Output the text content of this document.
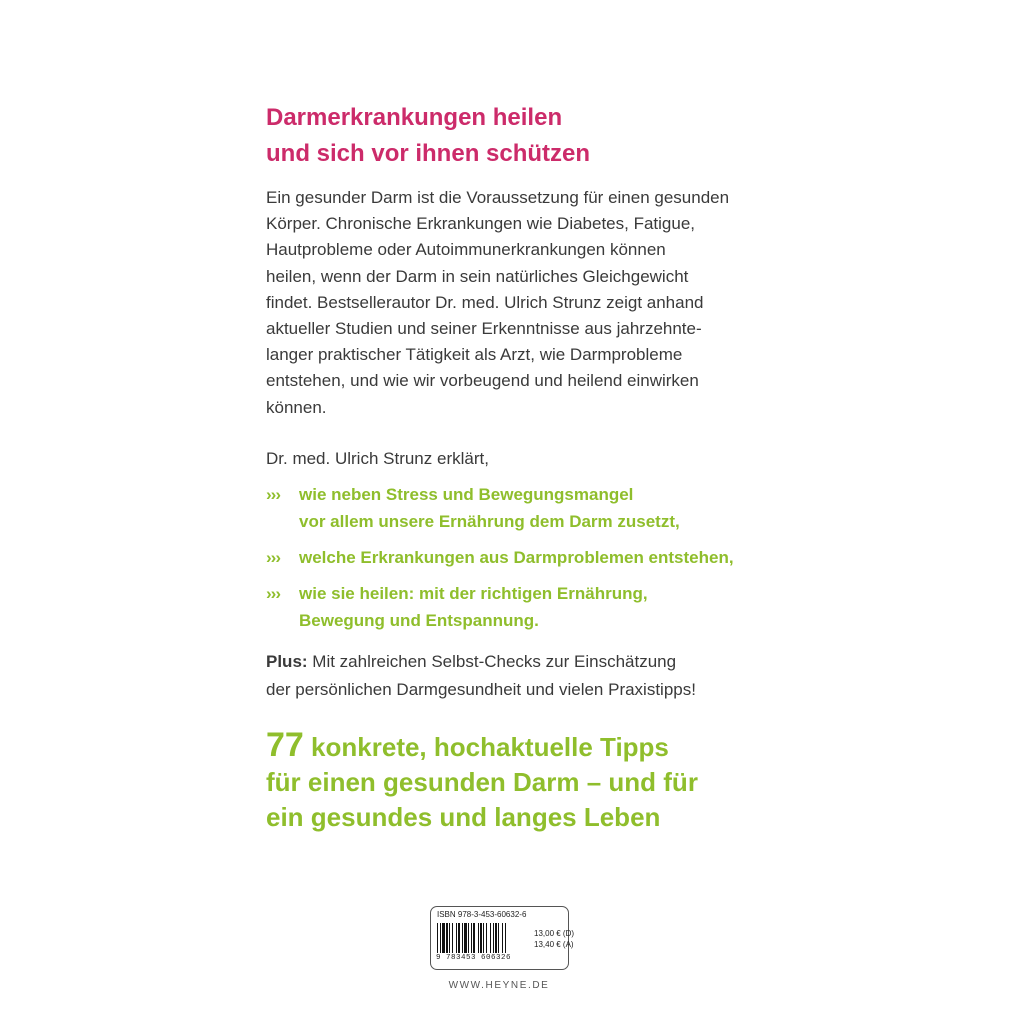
Darmerkrankungen heilen
und sich vor ihnen schützen

Ein gesunder Darm ist die Voraussetzung für einen gesunden
Körper. Chronische Erkrankungen wie Diabetes, Fatigue,
Hautprobleme oder Autoimmunerkrankungen können
heilen, wenn der Darm in sein natürliches Gleichgewicht
findet. Bestsellerautor Dr. med. Ulrich Strunz zeigt anhand
aktueller Studien und seiner Erkenntnisse aus jahrzehnte-
langer praktischer Tätigkeit als Arzt, wie Darmprobleme
entstehen, und wie wir vorbeugend und heilend einwirken
können.

Dr. med. Ulrich Strunz erklärt,

››› wie neben Stress und Bewegungsmangel
vor allem unsere Ernährung dem Darm zusetzt,
››› welche Erkrankungen aus Darmproblemen entstehen,
››› wie sie heilen: mit der richtigen Ernährung,
Bewegung und Entspannung.

Plus: Mit zahlreichen Selbst-Checks zur Einschätzung
der persönlichen Darmgesundheit und vielen Praxistipps!

77 konkrete, hochaktuelle Tipps
für einen gesunden Darm – und für
ein gesundes und langes Leben

ISBN 978-3-453-60632-6
9 783453 606326
13,00 € (D)
13,40 € (A)
WWW.HEYNE.DE
